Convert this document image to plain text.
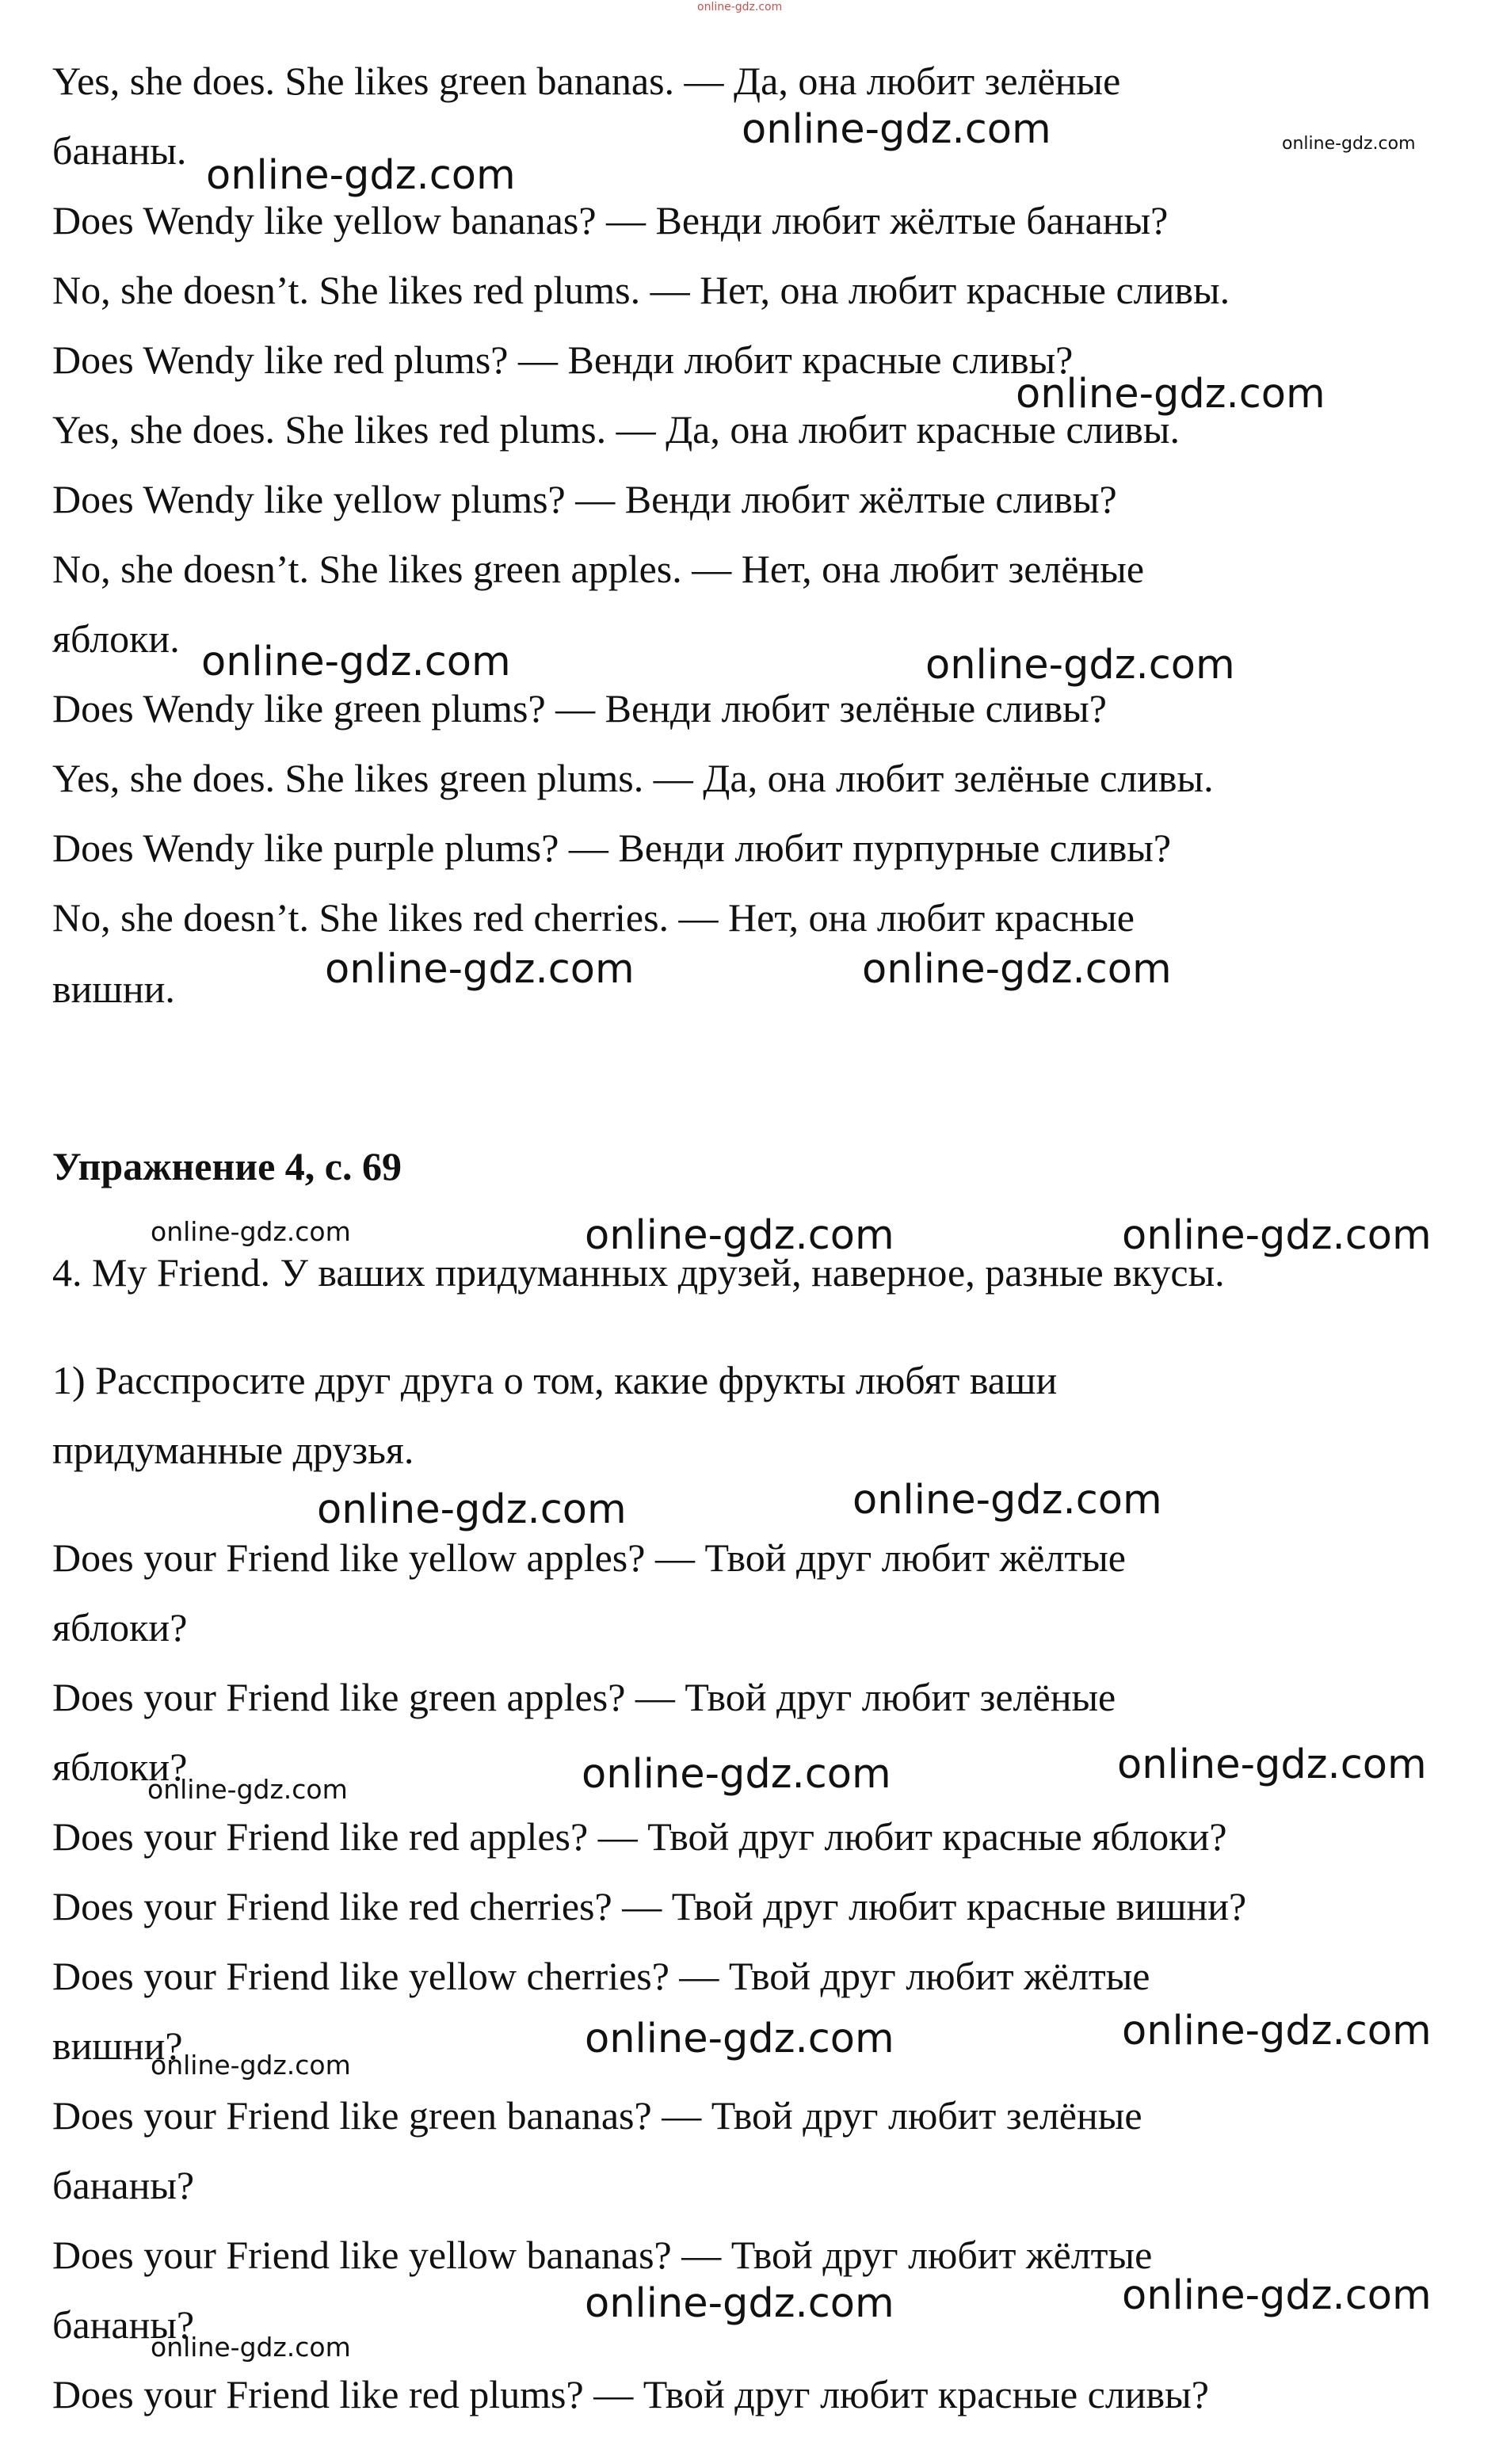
online-gdz.com

Yes, she does. She likes green bananas. — Да, она любит зелёные

бананы.

Does Wendy like yellow bananas? — Венди любит жёлтые бананы?

No, she doesn’t. She likes red plums. — Нет, она любит красные сливы.

Does Wendy like red plums? — Венди любит красные сливы?

Yes, she does. She likes red plums. — Да, она любит красные сливы.

Does Wendy like yellow plums? — Венди любит жёлтые сливы?

No, she doesn’t. She likes green apples. — Нет, она любит зелёные

яблоки.

Does Wendy like green plums? — Венди любит зелёные сливы?

Yes, she does. She likes green plums. — Да, она любит зелёные сливы.

Does Wendy like purple plums? — Венди любит пурпурные сливы?

No, she doesn’t. She likes red cherries. — Нет, она любит красные

вишни.

Упражнение 4, с. 69

4. My Friend. У ваших придуманных друзей, наверное, разные вкусы.

1) Расспросите друг друга о том, какие фрукты любят ваши

придуманные друзья.

Does your Friend like yellow apples? — Твой друг любит жёлтые

яблоки?

Does your Friend like green apples? — Твой друг любит зелёные

яблоки?

Does your Friend like red apples? — Твой друг любит красные яблоки?

Does your Friend like red cherries? — Твой друг любит красные вишни?

Does your Friend like yellow cherries? — Твой друг любит жёлтые

вишни?

Does your Friend like green bananas? — Твой друг любит зелёные

бананы?

Does your Friend like yellow bananas? — Твой друг любит жёлтые

бананы?

Does your Friend like red plums? — Твой друг любит красные сливы?

online-gdz.com	online-gdz.com
online-gdz.com
online-gdz.com
online-gdz.com	online-gdz.com
online-gdz.com	online-gdz.com
online-gdz.com	online-gdz.com	online-gdz.com
online-gdz.com	online-gdz.com
online-gdz.com	online-gdz.com
online-gdz.com
online-gdz.com	online-gdz.com
online-gdz.com
online-gdz.com	online-gdz.com
online-gdz.com
